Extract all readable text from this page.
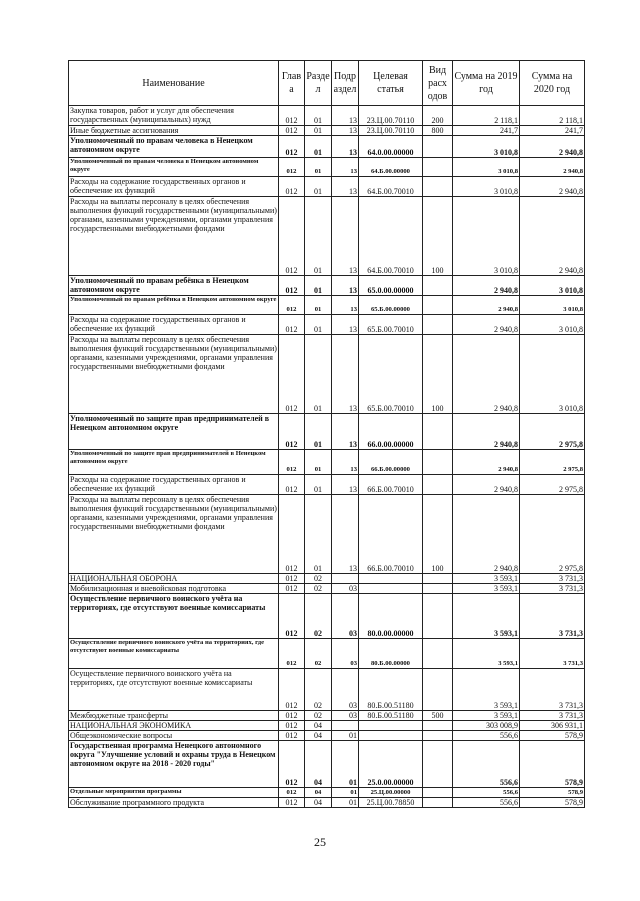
Наименование	Глав а	Разде л	Подр аздел	Целевая статья	Вид расх одов	Сумма на 2019 год	Сумма на 2020 год
Закупка товаров, работ и услуг для обеспечения государственных (муниципальных) нужд	012	01	13	23.Ц.00.70110	200	2 118,1	2 118,1
Иные бюджетные ассигнования	012	01	13	23.Ц.00.70110	800	241,7	241,7
Уполномоченный по правам человека в Ненецком автономном округе	012	01	13	64.0.00.00000		3 010,8	2 940,8
Уполномоченный по правам человека в Ненецком автономном округе	012	01	13	64.Б.00.00000		3 010,8	2 940,8
Расходы на содержание государственных органов и обеспечение их функций	012	01	13	64.Б.00.70010		3 010,8	2 940,8
Расходы на выплаты персоналу в целях обеспечения выполнения функций государственными (муниципальными) органами, казенными учреждениями, органами управления государственными внебюджетными фондами	012	01	13	64.Б.00.70010	100	3 010,8	2 940,8
Уполномоченный по правам ребёнка в Ненецком автономном округе	012	01	13	65.0.00.00000		2 940,8	3 010,8
Уполномоченный по правам ребёнка в Ненецком автономном округе	012	01	13	65.Б.00.00000		2 940,8	3 010,8
Расходы на содержание государственных органов и обеспечение их функций	012	01	13	65.Б.00.70010		2 940,8	3 010,8
Расходы на выплаты персоналу в целях обеспечения выполнения функций государственными (муниципальными) органами, казенными учреждениями, органами управления государственными внебюджетными фондами	012	01	13	65.Б.00.70010	100	2 940,8	3 010,8
Уполномоченный по защите прав предпринимателей в Ненецком автономном округе	012	01	13	66.0.00.00000		2 940,8	2 975,8
Уполномоченный по защите прав предпринимателей в Ненецком автономном округе	012	01	13	66.Б.00.00000		2 940,8	2 975,8
Расходы на содержание государственных органов и обеспечение их функций	012	01	13	66.Б.00.70010		2 940,8	2 975,8
Расходы на выплаты персоналу в целях обеспечения выполнения функций государственными (муниципальными) органами, казенными учреждениями, органами управления государственными внебюджетными фондами	012	01	13	66.Б.00.70010	100	2 940,8	2 975,8
НАЦИОНАЛЬНАЯ ОБОРОНА	012	02				3 593,1	3 731,3
Мобилизационная и вневойсковая подготовка	012	02	03			3 593,1	3 731,3
Осуществление первичного воинского учёта на территориях, где отсутствуют военные комиссариаты	012	02	03	80.0.00.00000		3 593,1	3 731,3
Осуществление первичного воинского учёта на территориях, где отсутствуют военные комиссариаты	012	02	03	80.Б.00.00000		3 593,1	3 731,3
Осуществление первичного воинского учёта на территориях, где отсутствуют военные комиссариаты	012	02	03	80.Б.00.51180		3 593,1	3 731,3
Межбюджетные трансферты	012	02	03	80.Б.00.51180	500	3 593,1	3 731,3
НАЦИОНАЛЬНАЯ ЭКОНОМИКА	012	04				303 008,9	306 931,1
Общеэкономические вопросы	012	04	01			556,6	578,9
Государственная программа Ненецкого автономного округа "Улучшение условий и охраны труда в Ненецком автономном округе на 2018 - 2020 годы"	012	04	01	25.0.00.00000		556,6	578,9
Отдельные мероприятия программы	012	04	01	25.Ц.00.00000		556,6	578,9
Обслуживание программного продукта	012	04	01	25.Ц.00.78850		556,6	578,9
25
